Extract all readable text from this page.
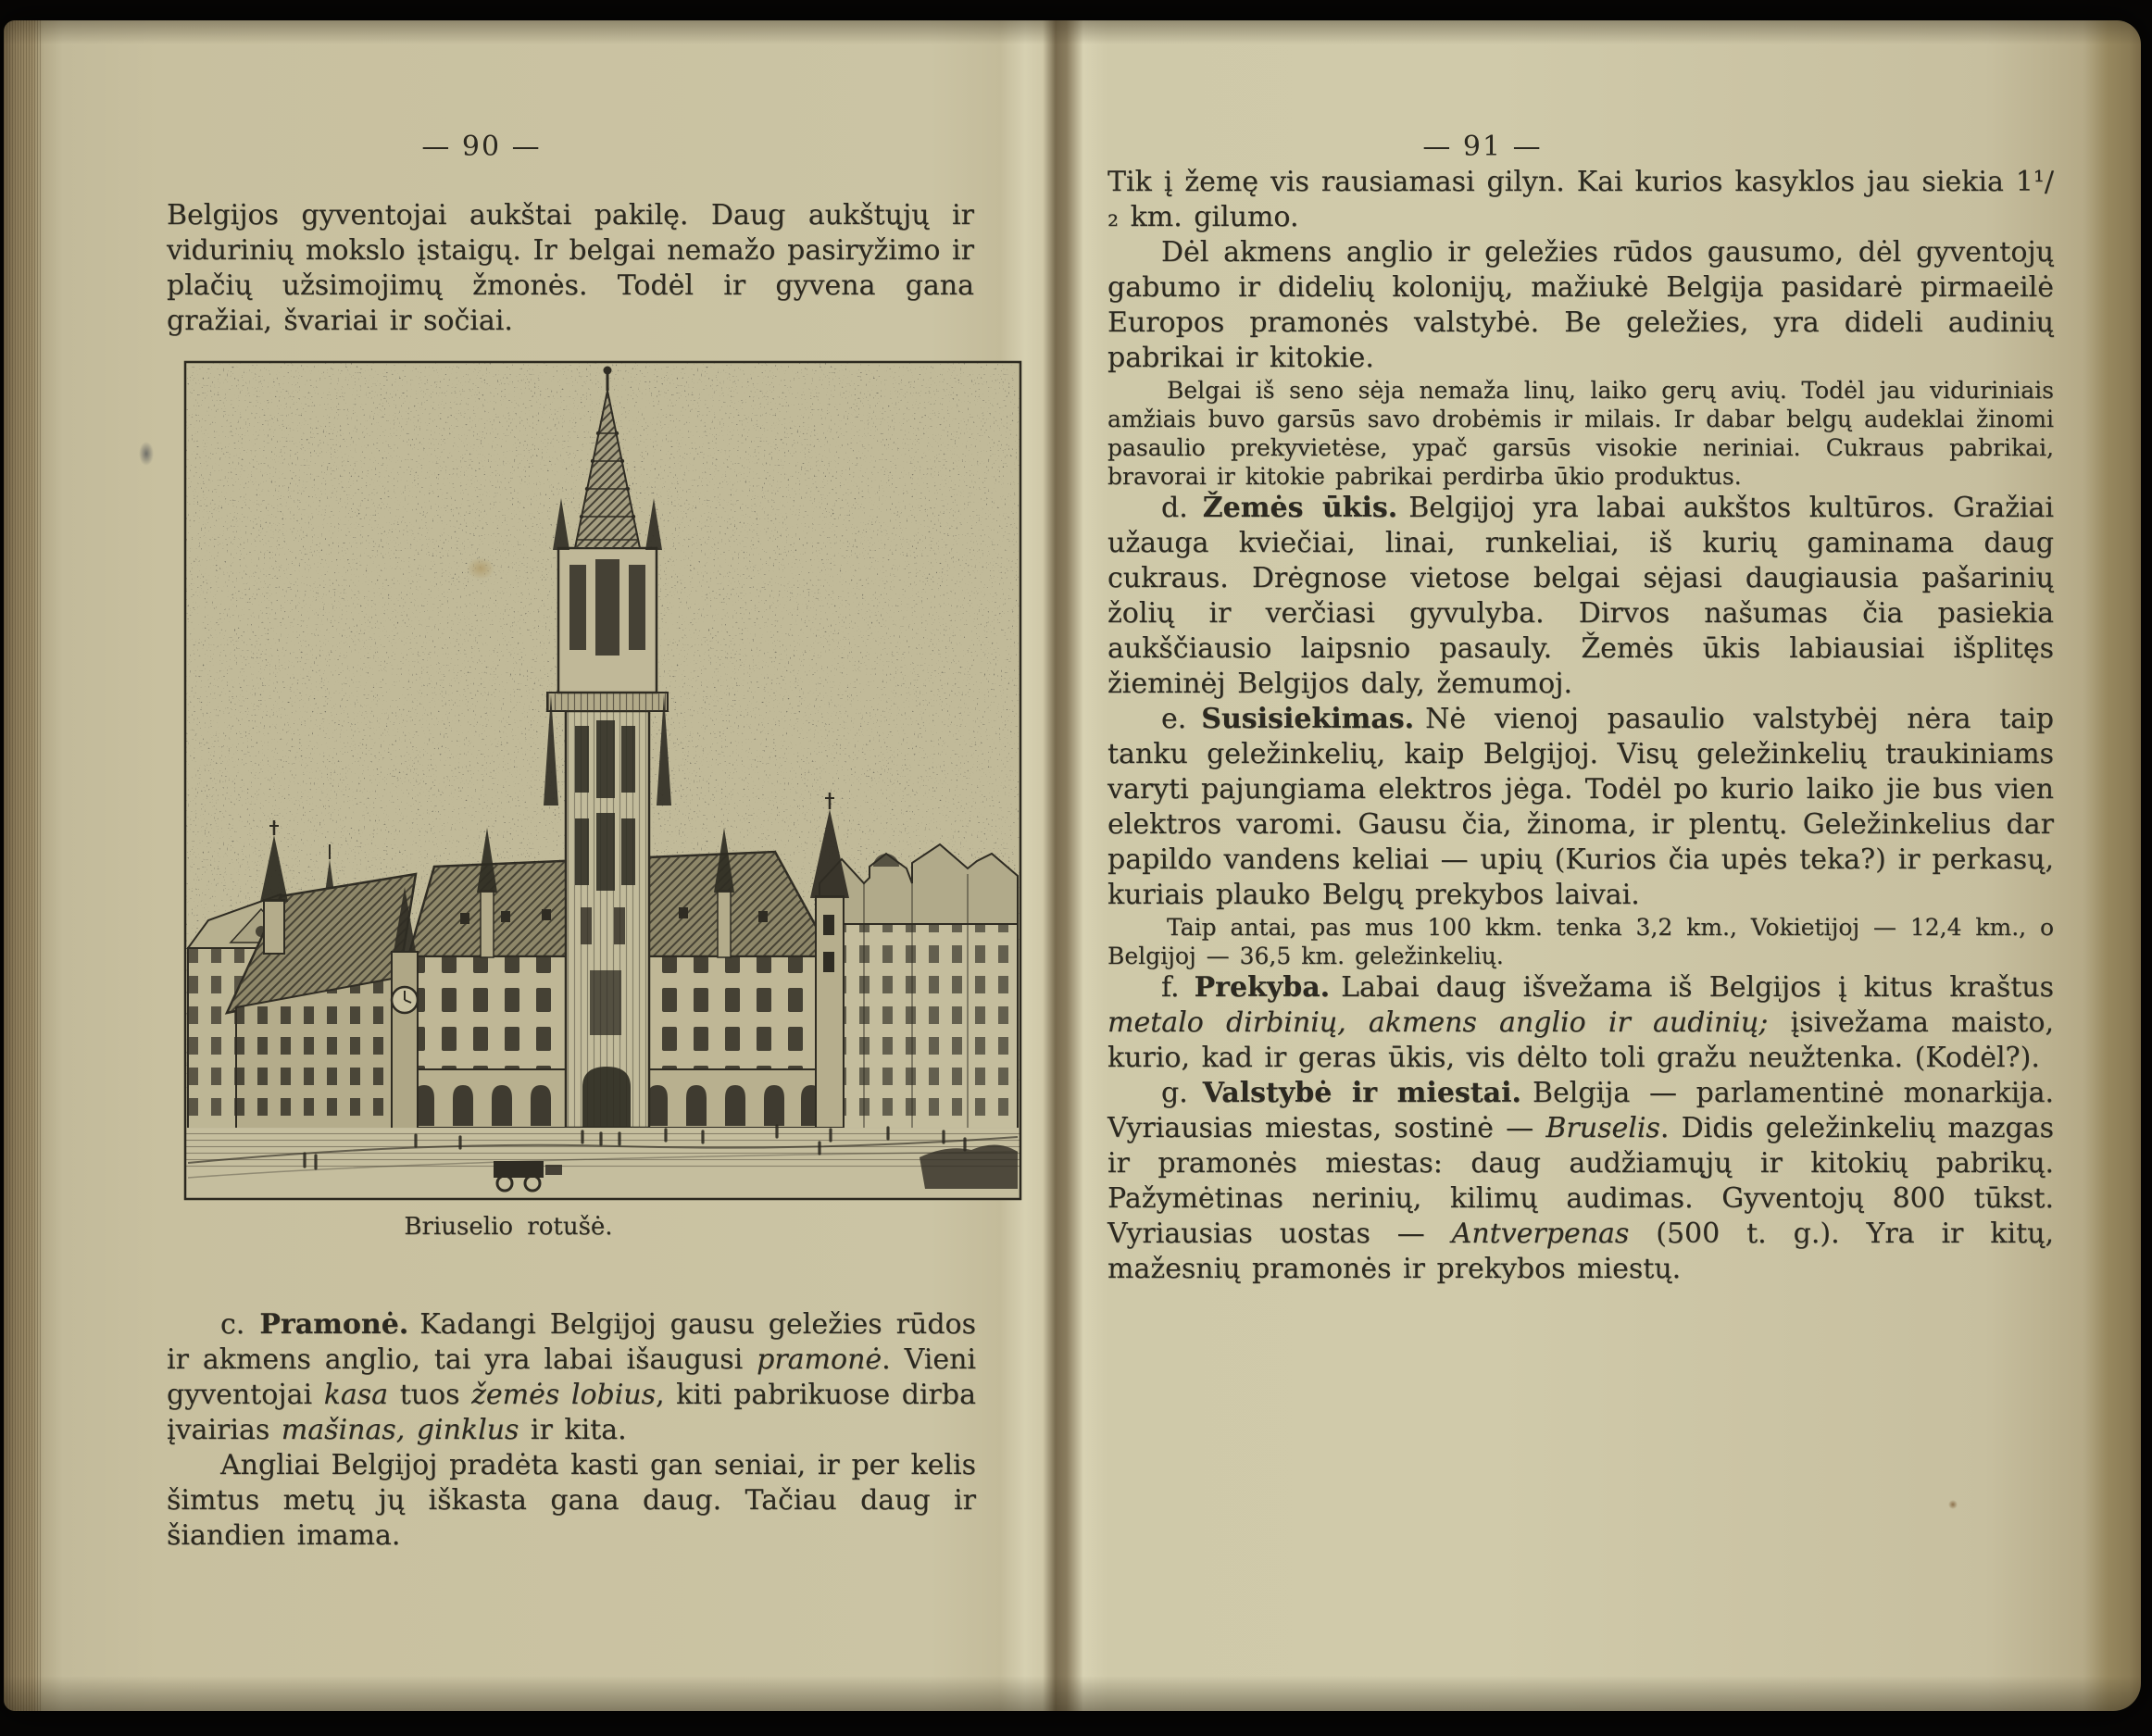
— 90 —

Belgijos gyventojai aukštai pakilę. Daug aukštųjų ir vidurinių mokslo įstaigų. Ir belgai nemažo pasiryžimo ir plačių užsimojimų žmonės. Todėl ir gyvena gana gražiai, švariai ir sočiai.

Briuselio rotušė.

c. Pramonė. Kadangi Belgijoj gausu geležies rūdos ir akmens anglio, tai yra labai išaugusi pramonė. Vieni gyventojai kasa tuos žemės lobius, kiti pabrikuose dirba įvairias mašinas, ginklus ir kita.

Angliai Belgijoj pradėta kasti gan seniai, ir per kelis šimtus metų jų iškasta gana daug. Tačiau daug ir šiandien imama.

— 91 —

Tik į žemę vis rausiamasi gilyn. Kai kurios kasyklos jau siekia 1¹/₂ km. gilumo.

Dėl akmens anglio ir geležies rūdos gausumo, dėl gyventojų gabumo ir didelių kolonijų, mažiukė Belgija pasidarė pirmaeilė Europos pramonės valstybė. Be geležies, yra dideli audinių pabrikai ir kitokie.

Belgai iš seno sėja nemaža linų, laiko gerų avių. Todėl jau viduriniais amžiais buvo garsūs savo drobėmis ir milais. Ir dabar belgų audeklai žinomi pasaulio prekyvietėse, ypač garsūs visokie neriniai. Cukraus pabrikai, bravorai ir kitokie pabrikai perdirba ūkio produktus.

d. Žemės ūkis. Belgijoj yra labai aukštos kultūros. Gražiai užauga kviečiai, linai, runkeliai, iš kurių gaminama daug cukraus. Drėgnose vietose belgai sėjasi daugiausia pašarinių žolių ir verčiasi gyvulyba. Dirvos našumas čia pasiekia aukščiausio laipsnio pasauly. Žemės ūkis labiausiai išplitęs žieminėj Belgijos daly, žemumoj.

e. Susisiekimas. Nė vienoj pasaulio valstybėj nėra taip tanku geležinkelių, kaip Belgijoj. Visų geležinkelių traukiniams varyti pajungiama elektros jėga. Todėl po kurio laiko jie bus vien elektros varomi. Gausu čia, žinoma, ir plentų. Geležinkelius dar papildo vandens keliai — upių (Kurios čia upės teka?) ir perkasų, kuriais plauko Belgų prekybos laivai.

Taip antai, pas mus 100 kkm. tenka 3,2 km., Vokietijoj — 12,4 km., o Belgijoj — 36,5 km. geležinkelių.

f. Prekyba. Labai daug išvežama iš Belgijos į kitus kraštus metalo dirbinių, akmens anglio ir audinių; įsivežama maisto, kurio, kad ir geras ūkis, vis dėlto toli gražu neužtenka. (Kodėl?).

g. Valstybė ir miestai. Belgija — parlamentinė monarkija. Vyriausias miestas, sostinė — Bruselis. Didis geležinkelių mazgas ir pramonės miestas: daug audžiamųjų ir kitokių pabrikų. Pažymėtinas nerinių, kilimų audimas. Gyventojų 800 tūkst. Vyriausias uostas — Antverpenas (500 t. g.). Yra ir kitų, mažesnių pramonės ir prekybos miestų.
